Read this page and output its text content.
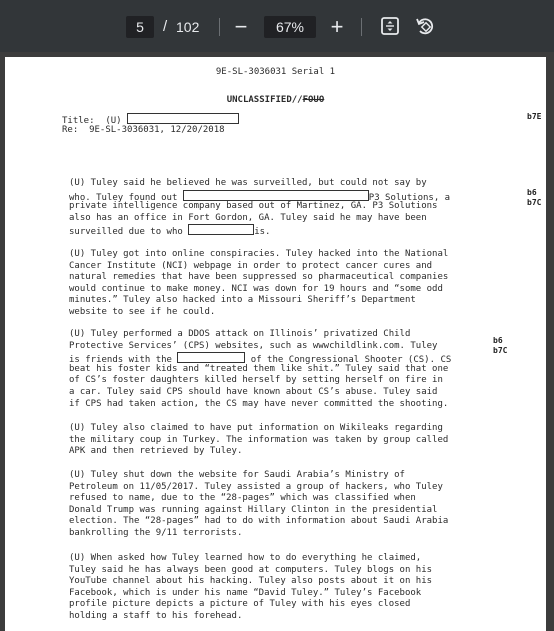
5	/ 102 −	67%	+
9E-SL-3036031 Serial 1
UNCLASSIFIED//FOUO
Title:  (U)
Re:  9E-SL-3036031, 12/20/2018
b7E
(U) Tuley said he believed he was surveilled, but could not say by
who. Tuley found out	P3 Solutions, a
private intelligence company based out of Martinez, GA. P3 Solutions
also has an office in Fort Gordon, GA. Tuley said he may have been
surveilled due to who	is.
b6
b7C
(U) Tuley got into online conspiracies. Tuley hacked into the National
Cancer Institute (NCI) webpage in order to protect cancer cures and
natural remedies that have been suppressed so pharmaceutical companies
would continue to make money. NCI was down for 19 hours and “some odd
minutes.” Tuley also hacked into a Missouri Sheriff’s Department
website to see if he could.
(U) Tuley performed a DDOS attack on Illinois’ privatized Child
Protective Services’ (CPS) websites, such as wwwchildlink.com. Tuley
is friends with the	of the Congressional Shooter (CS). CS
beat his foster kids and “treated them like shit.” Tuley said that one
of CS’s foster daughters killed herself by setting herself on fire in
a car. Tuley said CPS should have known about CS’s abuse. Tuley said
if CPS had taken action, the CS may have never committed the shooting.
b6
b7C
(U) Tuley also claimed to have put information on Wikileaks regarding
the military coup in Turkey. The information was taken by group called
APK and then retrieved by Tuley.
(U) Tuley shut down the website for Saudi Arabia’s Ministry of
Petroleum on 11/05/2017. Tuley assisted a group of hackers, who Tuley
refused to name, due to the “28-pages” which was classified when
Donald Trump was running against Hillary Clinton in the presidential
election. The “28-pages” had to do with information about Saudi Arabia
bankrolling the 9/11 terrorists.
(U) When asked how Tuley learned how to do everything he claimed,
Tuley said he has always been good at computers. Tuley blogs on his
YouTube channel about his hacking. Tuley also posts about it on his
Facebook, which is under his name “David Tuley.” Tuley’s Facebook
profile picture depicts a picture of Tuley with his eyes closed
holding a staff to his forehead.
